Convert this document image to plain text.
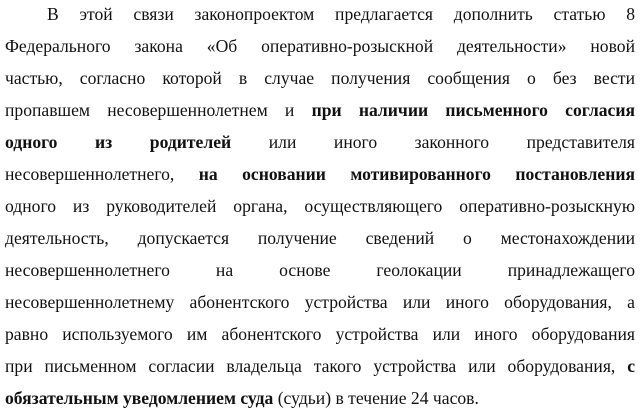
В этой связи законопроектом предлагается дополнить статью 8
Федерального закона «Об оперативно-розыскной деятельности» новой
частью, согласно которой в случае получения сообщения о без вести
пропавшем несовершеннолетнем и при наличии письменного согласия
одного из родителей или иного законного представителя
несовершеннолетнего, на основании мотивированного постановления
одного из руководителей органа, осуществляющего оперативно-розыскную
деятельность, допускается получение сведений о местонахождении
несовершеннолетнего на основе геолокации принадлежащего
несовершеннолетнему абонентского устройства или иного оборудования, а
равно используемого им абонентского устройства или иного оборудования
при письменном согласии владельца такого устройства или оборудования, с
обязательным уведомлением суда (судьи) в течение 24 часов.
